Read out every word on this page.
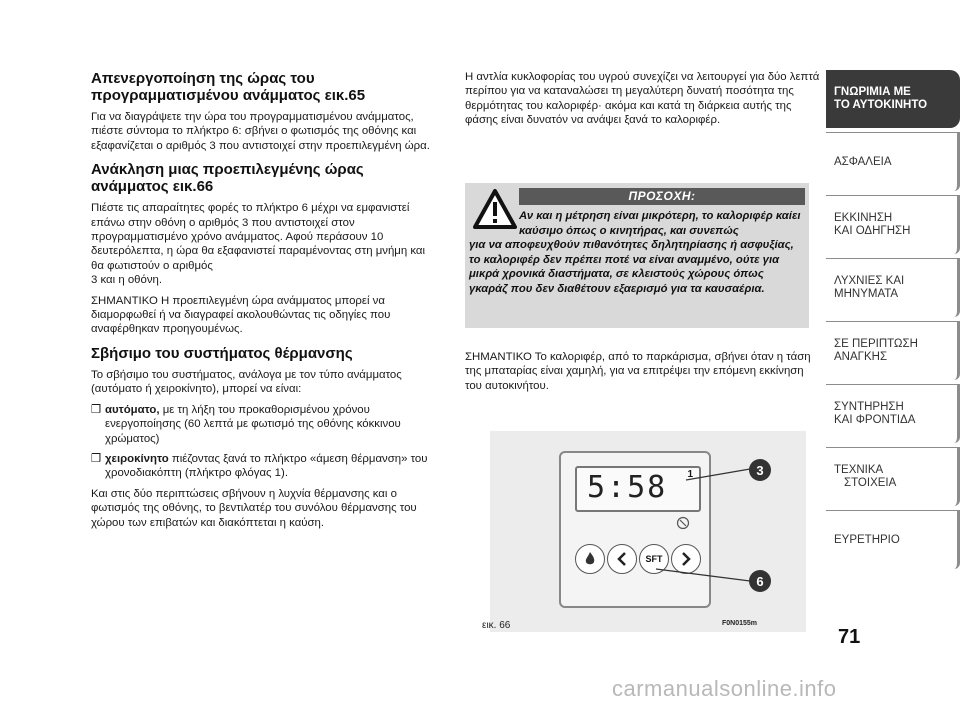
Απενεργοποίηση της ώρας του προγραμματισμένου ανάμματος εικ.65

Για να διαγράψετε την ώρα του προγραμματισμένου ανάμματος, πιέστε σύντομα το πλήκτρο 6: σβήνει ο φωτισμός της οθόνης και εξαφανίζεται ο αριθμός 3 που αντιστοιχεί στην προεπιλεγμένη ώρα.

Ανάκληση μιας προεπιλεγμένης ώρας ανάμματος εικ.66

Πιέστε τις απαραίτητες φορές το πλήκτρο 6 μέχρι να εμφανιστεί επάνω στην οθόνη ο αριθμός 3 που αντιστοιχεί στον προγραμματισμένο χρόνο ανάμματος. Αφού περάσουν 10 δευτερόλεπτα, η ώρα θα εξαφανιστεί παραμένοντας στη μνήμη και θα φωτιστούν ο αριθμός
3 και η οθόνη.

ΣΗΜΑΝΤΙΚΟ Η προεπιλεγμένη ώρα ανάμματος μπορεί να διαμορφωθεί ή να διαγραφεί ακολουθώντας τις οδηγίες που αναφέρθηκαν προηγουμένως.

Σβήσιμο του συστήματος θέρμανσης

Το σβήσιμο του συστήματος, ανάλογα με τον τύπο ανάμματος (αυτόματο ή χειροκίνητο), μπορεί να είναι:

❒ αυτόματο, με τη λήξη του προκαθορισμένου χρόνου ενεργοποίησης (60 λεπτά με φωτισμό της οθόνης κόκκινου χρώματος)
❒ χειροκίνητο πιέζοντας ξανά το πλήκτρο «άμεση θέρμανση» του χρονοδιακόπτη (πλήκτρο φλόγας 1).

Και στις δύο περιπτώσεις σβήνουν η λυχνία θέρμανσης και ο φωτισμός της οθόνης, το βεντιλατέρ του συνόλου θέρμανσης του χώρου των επιβατών και διακόπτεται η καύση.

Η αντλία κυκλοφορίας του υγρού συνεχίζει να λειτουργεί για δύο λεπτά περίπου για να καταναλώσει τη μεγαλύτερη δυνατή ποσότητα της θερμότητας του καλοριφέρ· ακόμα και κατά τη διάρκεια αυτής της φάσης είναι δυνατόν να ανάψει ξανά το καλοριφέρ.

ΠΡΟΣΟΧΗ:
Αν και η μέτρηση είναι μικρότερη, το καλοριφέρ καίει καύσιμο όπως ο κινητήρας, και συνεπώς
για να αποφευχθούν πιθανότητες δηλητηρίασης ή ασφυξίας, το καλοριφέρ δεν πρέπει ποτέ να είναι αναμμένο, ούτε για μικρά χρονικά διαστήματα, σε κλειστούς χώρους όπως γκαράζ που δεν διαθέτουν εξαερισμό για τα καυσαέρια.

ΣΗΜΑΝΤΙΚΟ Το καλοριφέρ, από το παρκάρισμα, σβήνει όταν η τάση της μπαταρίας είναι χαμηλή, για να επιτρέψει την επόμενη εκκίνηση του αυτοκινήτου.

5:58 1
SFT
3
6
εικ. 66	F0N0155m
ΓΝΩΡΙΜΙΑ ΜΕ
ΤΟ ΑΥΤΟΚΙΝΗΤΟ
ΑΣΦΑΛΕΙΑ
ΕΚΚΙΝΗΣΗ
ΚΑΙ ΟΔΗΓΗΣΗ
ΛΥΧΝΙΕΣ ΚΑΙ
ΜΗΝΥΜΑΤΑ
ΣΕ ΠΕΡΙΠΤΩΣΗ
ΑΝΑΓΚΗΣ
ΣΥΝΤΗΡΗΣΗ
ΚΑΙ ΦΡΟΝΤΙΔΑ
ΤΕΧΝΙΚΑ
ΣΤΟΙΧΕΙΑ
ΕΥΡΕΤΗΡΙΟ
71
carmanualsonline.info
